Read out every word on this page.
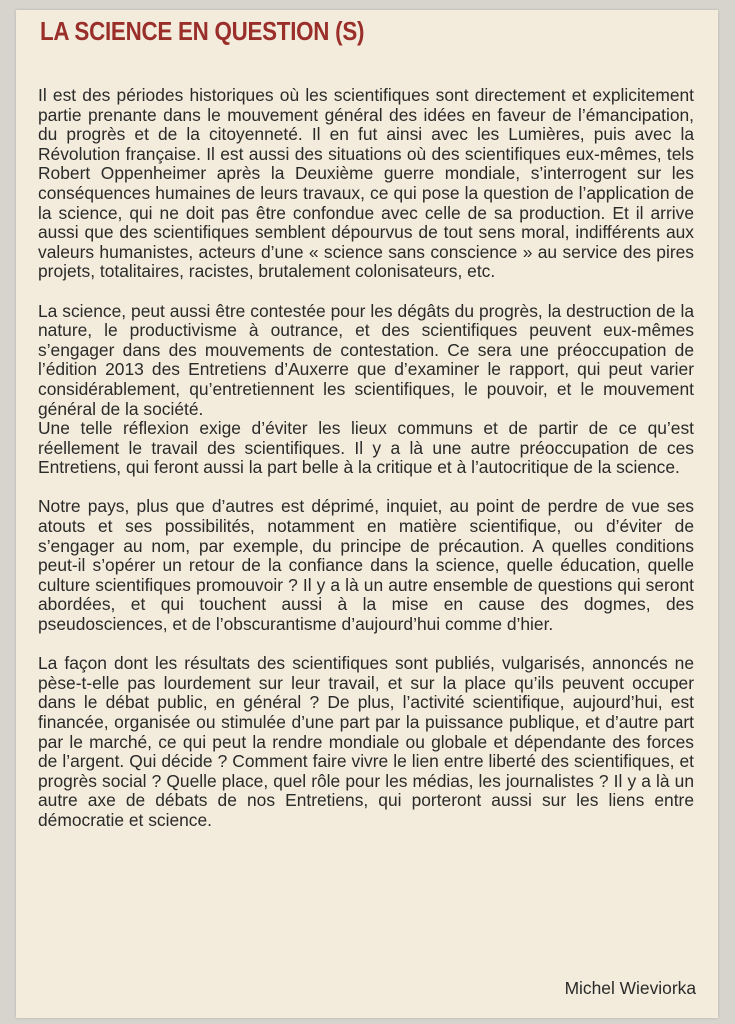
LA SCIENCE EN QUESTION (S)

Il est des périodes historiques où les scientifiques sont directement et explicitement partie prenante dans le mouvement général des idées en faveur de l’émancipation, du progrès et de la citoyenneté. Il en fut ainsi avec les Lumières, puis avec la Révolution française. Il est aussi des situations où des scientifiques eux-mêmes, tels Robert Oppenheimer après la Deuxième guerre mondiale, s’interrogent sur les conséquences humaines de leurs travaux, ce qui pose la question de l’application de la science, qui ne doit pas être confondue avec celle de sa production. Et il arrive aussi que des scientifiques semblent dépourvus de tout sens moral, indifférents aux valeurs humanistes, acteurs d’une « science sans conscience » au service des pires projets, totalitaires, racistes, brutalement colonisateurs, etc.

La science, peut aussi être contestée pour les dégâts du progrès, la destruction de la nature, le productivisme à outrance, et des scientifiques peuvent eux-mêmes s’engager dans des mouvements de contestation. Ce sera une préoccupation de l’édition 2013 des Entretiens d’Auxerre que d’examiner le rapport, qui peut varier considérablement, qu’entretiennent les scientifiques, le pouvoir, et le mouvement général de la société.

Une telle réflexion exige d’éviter les lieux communs et de partir de ce qu’est réellement le travail des scientifiques. Il y a là une autre préoccupation de ces Entretiens, qui feront aussi la part belle à la critique et à l’autocritique de la science.

Notre pays, plus que d’autres est déprimé, inquiet, au point de perdre de vue ses atouts et ses possibilités, notamment en matière scientifique, ou d’éviter de s’engager au nom, par exemple, du principe de précaution. A quelles conditions peut-il s’opérer un retour de la confiance dans la science, quelle éducation, quelle culture scientifiques promouvoir ? Il y a là un autre ensemble de questions qui seront abordées, et qui touchent aussi à la mise en cause des dogmes, des pseudosciences, et de l’obscurantisme d’aujourd’hui comme d’hier.

La façon dont les résultats des scientifiques sont publiés, vulgarisés, annoncés ne pèse-t-elle pas lourdement sur leur travail, et sur la place qu’ils peuvent occuper dans le débat public, en général ? De plus, l’activité scientifique, aujourd’hui, est financée, organisée ou stimulée d’une part par la puissance publique, et d’autre part par le marché, ce qui peut la rendre mondiale ou globale et dépendante des forces de l’argent. Qui décide ? Comment faire vivre le lien entre liberté des scientifiques, et progrès social ? Quelle place, quel rôle pour les médias, les journalistes ? Il y a là un autre axe de débats de nos Entretiens, qui porteront aussi sur les liens entre démocratie et science.

Michel Wieviorka
